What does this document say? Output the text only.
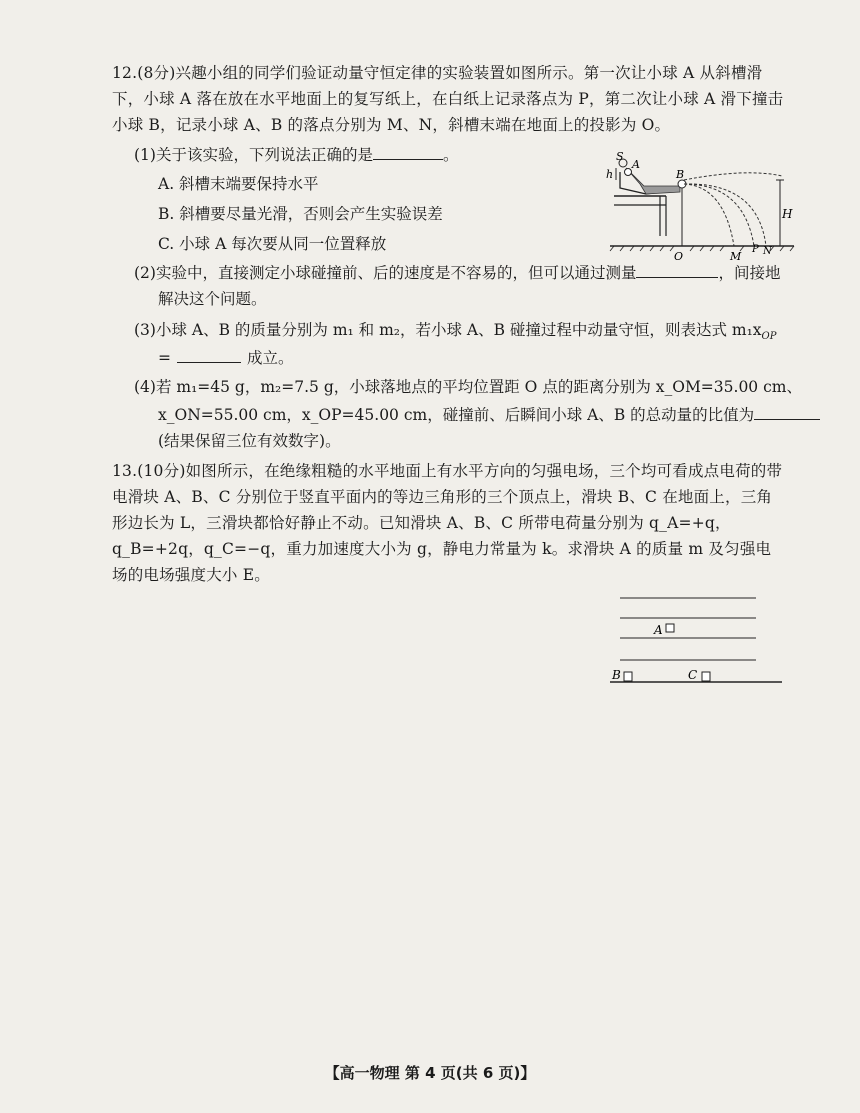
12.(8分)兴趣小组的同学们验证动量守恒定律的实验装置如图所示。第一次让小球 A 从斜槽滑下，小球 A 落在放在水平地面上的复写纸上，在白纸上记录落点为 P，第二次让小球 A 滑下撞击小球 B，记录小球 A、B 的落点分别为 M、N，斜槽末端在地面上的投影为 O。

(1)关于该实验，下列说法正确的是	。

A. 斜槽末端要保持水平

B. 斜槽要尽量光滑，否则会产生实验误差

C. 小球 A 每次要从同一位置释放

S
A
h	B
H
O	M
P N

(2)实验中，直接测定小球碰撞前、后的速度是不容易的，但可以通过测量	，间接地

解决这个问题。

(3)小球 A、B 的质量分别为 m₁ 和 m₂，若小球 A、B 碰撞过程中动量守恒，则表达式 $m_1x_{OP}$

=	成立。

(4)若 m₁=45 g，m₂=7.5 g，小球落地点的平均位置距 O 点的距离分别为 x_OM=35.00 cm、

x_ON=55.00 cm，x_OP=45.00 cm，碰撞前、后瞬间小球 A、B 的总动量的比值为

(结果保留三位有效数字)。

13.(10分)如图所示，在绝缘粗糙的水平地面上有水平方向的匀强电场，三个均可看成点电荷的带电滑块 A、B、C 分别位于竖直平面内的等边三角形的三个顶点上，滑块 B、C 在地面上，三角形边长为 L，三滑块都恰好静止不动。已知滑块 A、B、C 所带电荷量分别为 q_A=+q，q_B=+2q，q_C=−q，重力加速度大小为 g，静电力常量为 k。求滑块 A 的质量 m 及匀强电场的电场强度大小 E。

A
B	C
【高一物理 第 4 页(共 6 页)】
